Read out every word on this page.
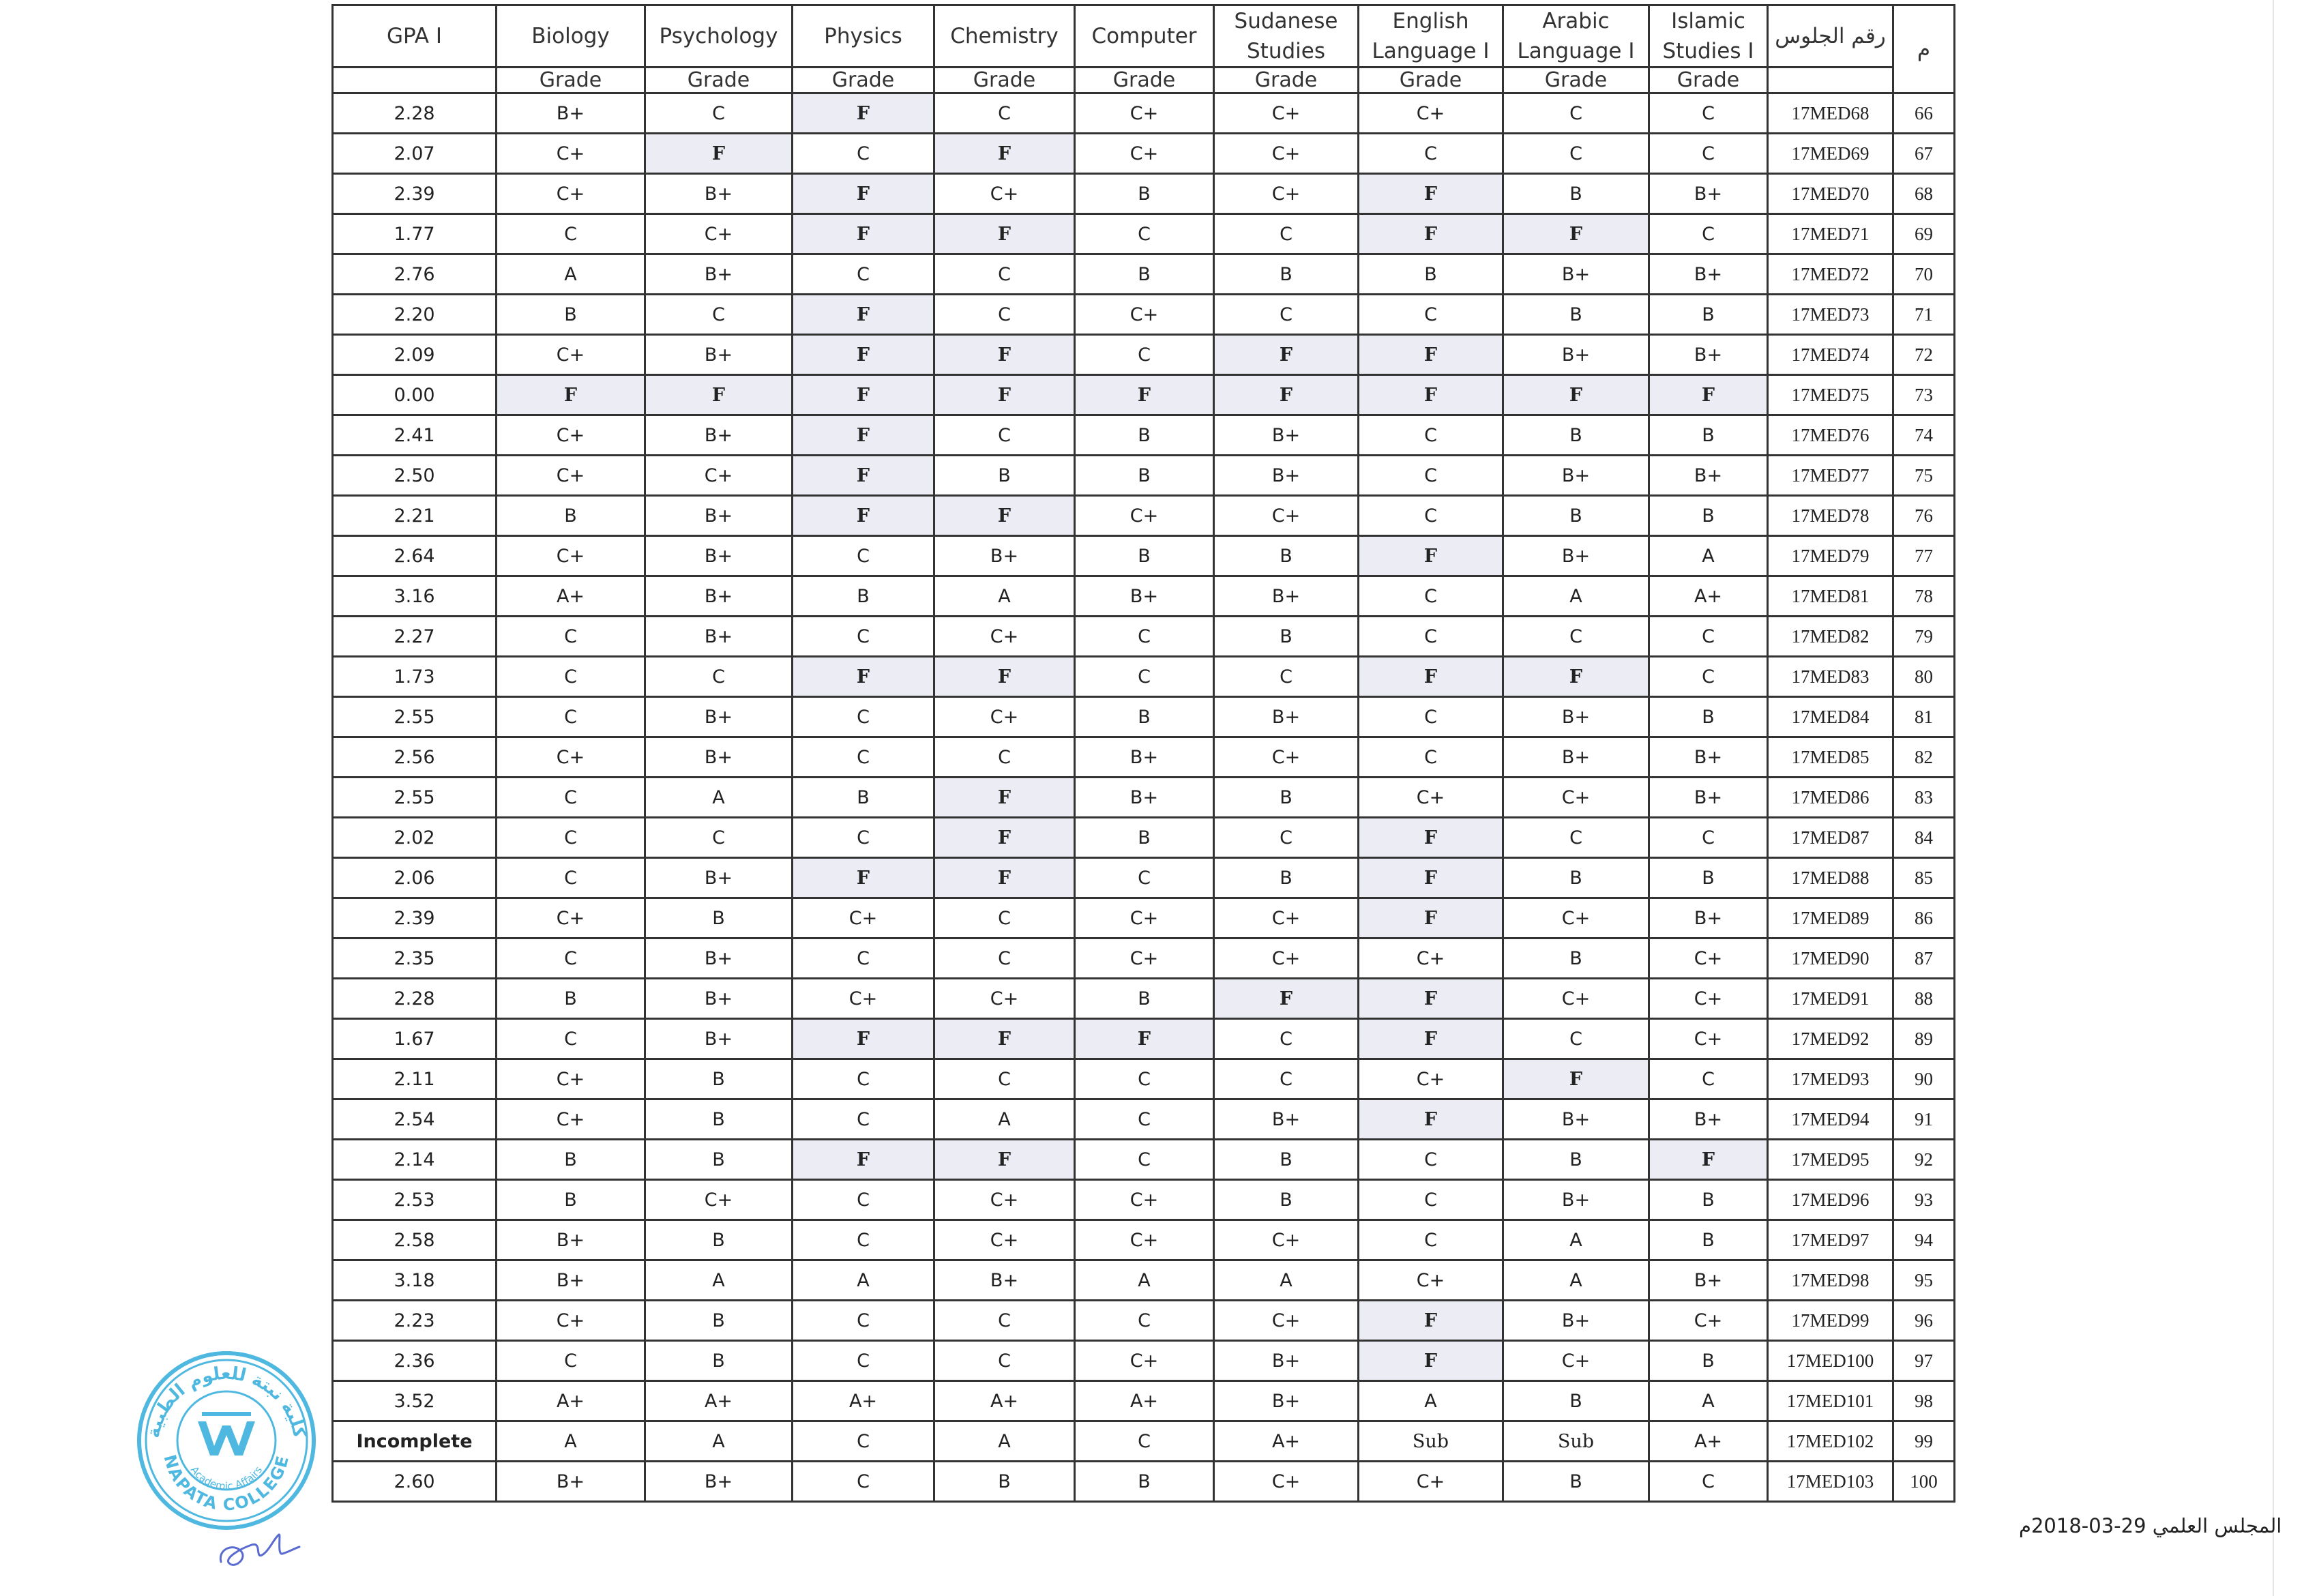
GPA I	Biology	Psychology	Physics	Chemistry	Computer	Sudanese Studies	English Language I	Arabic Language I	Islamic Studies I	رقم الجلوس	م
	Grade	Grade	Grade	Grade	Grade	Grade	Grade	Grade	Grade		
2.28	B+	C	F	C	C+	C+	C+	C	C	17MED68	66
2.07	C+	F	C	F	C+	C+	C	C	C	17MED69	67
2.39	C+	B+	F	C+	B	C+	F	B	B+	17MED70	68
1.77	C	C+	F	F	C	C	F	F	C	17MED71	69
2.76	A	B+	C	C	B	B	B	B+	B+	17MED72	70
2.20	B	C	F	C	C+	C	C	B	B	17MED73	71
2.09	C+	B+	F	F	C	F	F	B+	B+	17MED74	72
0.00	F	F	F	F	F	F	F	F	F	17MED75	73
2.41	C+	B+	F	C	B	B+	C	B	B	17MED76	74
2.50	C+	C+	F	B	B	B+	C	B+	B+	17MED77	75
2.21	B	B+	F	F	C+	C+	C	B	B	17MED78	76
2.64	C+	B+	C	B+	B	B	F	B+	A	17MED79	77
3.16	A+	B+	B	A	B+	B+	C	A	A+	17MED81	78
2.27	C	B+	C	C+	C	B	C	C	C	17MED82	79
1.73	C	C	F	F	C	C	F	F	C	17MED83	80
2.55	C	B+	C	C+	B	B+	C	B+	B	17MED84	81
2.56	C+	B+	C	C	B+	C+	C	B+	B+	17MED85	82
2.55	C	A	B	F	B+	B	C+	C+	B+	17MED86	83
2.02	C	C	C	F	B	C	F	C	C	17MED87	84
2.06	C	B+	F	F	C	B	F	B	B	17MED88	85
2.39	C+	B	C+	C	C+	C+	F	C+	B+	17MED89	86
2.35	C	B+	C	C	C+	C+	C+	B	C+	17MED90	87
2.28	B	B+	C+	C+	B	F	F	C+	C+	17MED91	88
1.67	C	B+	F	F	F	C	F	C	C+	17MED92	89
2.11	C+	B	C	C	C	C	C+	F	C	17MED93	90
2.54	C+	B	C	A	C	B+	F	B+	B+	17MED94	91
2.14	B	B	F	F	C	B	C	B	F	17MED95	92
2.53	B	C+	C	C+	C+	B	C	B+	B	17MED96	93
2.58	B+	B	C	C+	C+	C+	C	A	B	17MED97	94
3.18	B+	A	A	B+	A	A	C+	A	B+	17MED98	95
2.23	C+	B	C	C	C	C+	F	B+	C+	17MED99	96
2.36	C	B	C	C	C+	B+	F	C+	B	17MED100	97
3.52	A+	A+	A+	A+	A+	B+	A	B	A	17MED101	98
Incomplete	A	A	C	A	C	A+	Sub	Sub	A+	17MED102	99
2.60	B+	B+	C	B	B	C+	C+	B	C	17MED103	100
كلية نبتة للعلوم الطبية
NAPATA COLLEGE
Academic Affairs
المجلس العلمي 29-03-2018م
